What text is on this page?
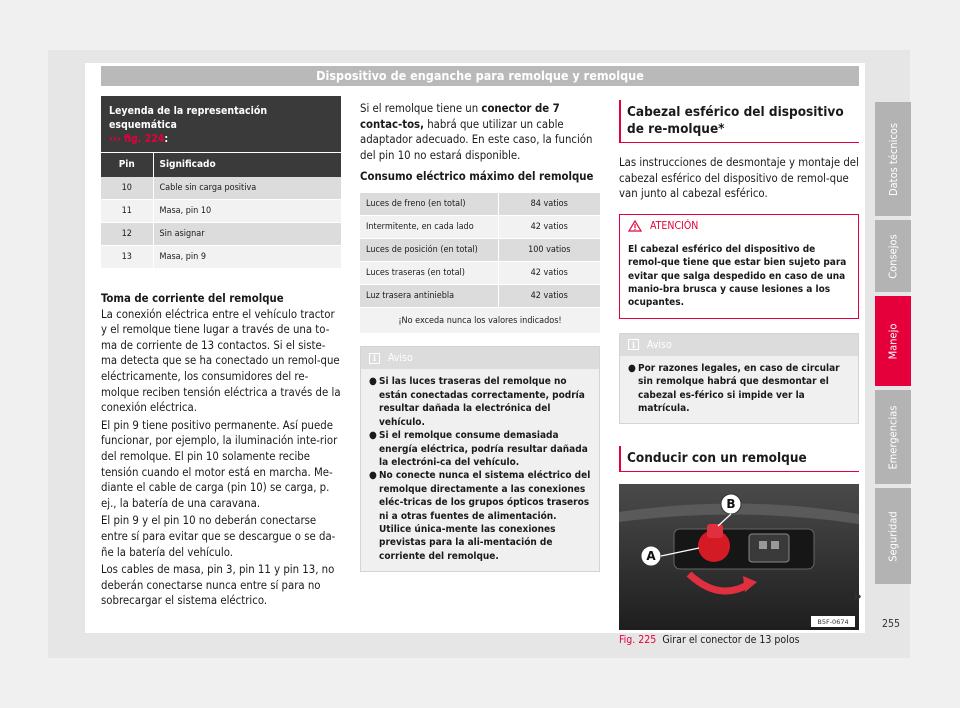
Dispositivo de enganche para remolque y remolque
Leyenda de la representación esquemática
››› fig. 224:	
Pin	Significado
10	Cable sin carga positiva
11	Masa, pin 10
12	Sin asignar
13	Masa, pin 9
Toma de corriente del remolque

La conexión eléctrica entre el vehículo tractor y el remolque tiene lugar a través de una to-ma de corriente de 13 contactos. Si el siste-ma detecta que se ha conectado un remol-que eléctricamente, los consumidores del re-molque reciben tensión eléctrica a través de la conexión eléctrica.

El pin 9 tiene positivo permanente. Así puede funcionar, por ejemplo, la iluminación inte-rior del remolque. El pin 10 solamente recibe tensión cuando el motor está en marcha. Me-diante el cable de carga (pin 10) se carga, p. ej., la batería de una caravana.

El pin 9 y el pin 10 no deberán conectarse entre sí para evitar que se descargue o se da-ñe la batería del vehículo.

Los cables de masa, pin 3, pin 11 y pin 13, no deberán conectarse nunca entre sí para no sobrecargar el sistema eléctrico.

Si el remolque tiene un conector de 7 contac-tos, habrá que utilizar un cable adaptador adecuado. En este caso, la función del pin 10 no estará disponible.

Consumo eléctrico máximo del remolque
Luces de freno (en total)	84 vatios
Intermitente, en cada lado	42 vatios
Luces de posición (en total)	100 vatios
Luces traseras (en total)	42 vatios
Luz trasera antiniebla	42 vatios
¡No exceda nunca los valores indicados!	
i	Aviso
● Si las luces traseras del remolque no están conectadas correctamente, podría resultar dañada la electrónica del vehículo.
● Si el remolque consume demasiada energía eléctrica, podría resultar dañada la electróni-ca del vehículo.
● No conecte nunca el sistema eléctrico del remolque directamente a las conexiones eléc-tricas de los grupos ópticos traseros ni a otras fuentes de alimentación. Utilice única-mente las conexiones previstas para la ali-mentación de corriente del remolque.
Cabezal esférico del dispositivo de re-molque*

Las instrucciones de desmontaje y montaje del cabezal esférico del dispositivo de remol-que van junto al cabezal esférico.

ATENCIÓN
El cabezal esférico del dispositivo de remol-que tiene que estar bien sujeto para evitar que salga despedido en caso de una manio-bra brusca y cause lesiones a los ocupantes.
i	Aviso
● Por razones legales, en caso de circular sin remolque habrá que desmontar el cabezal es-férico si impide ver la matrícula.
Conducir con un remolque
A
B
B5F-0674
Fig. 225 Girar el conector de 13 polos
»
Datos técnicos
Consejos
Manejo
Emergencias
Seguridad
255
